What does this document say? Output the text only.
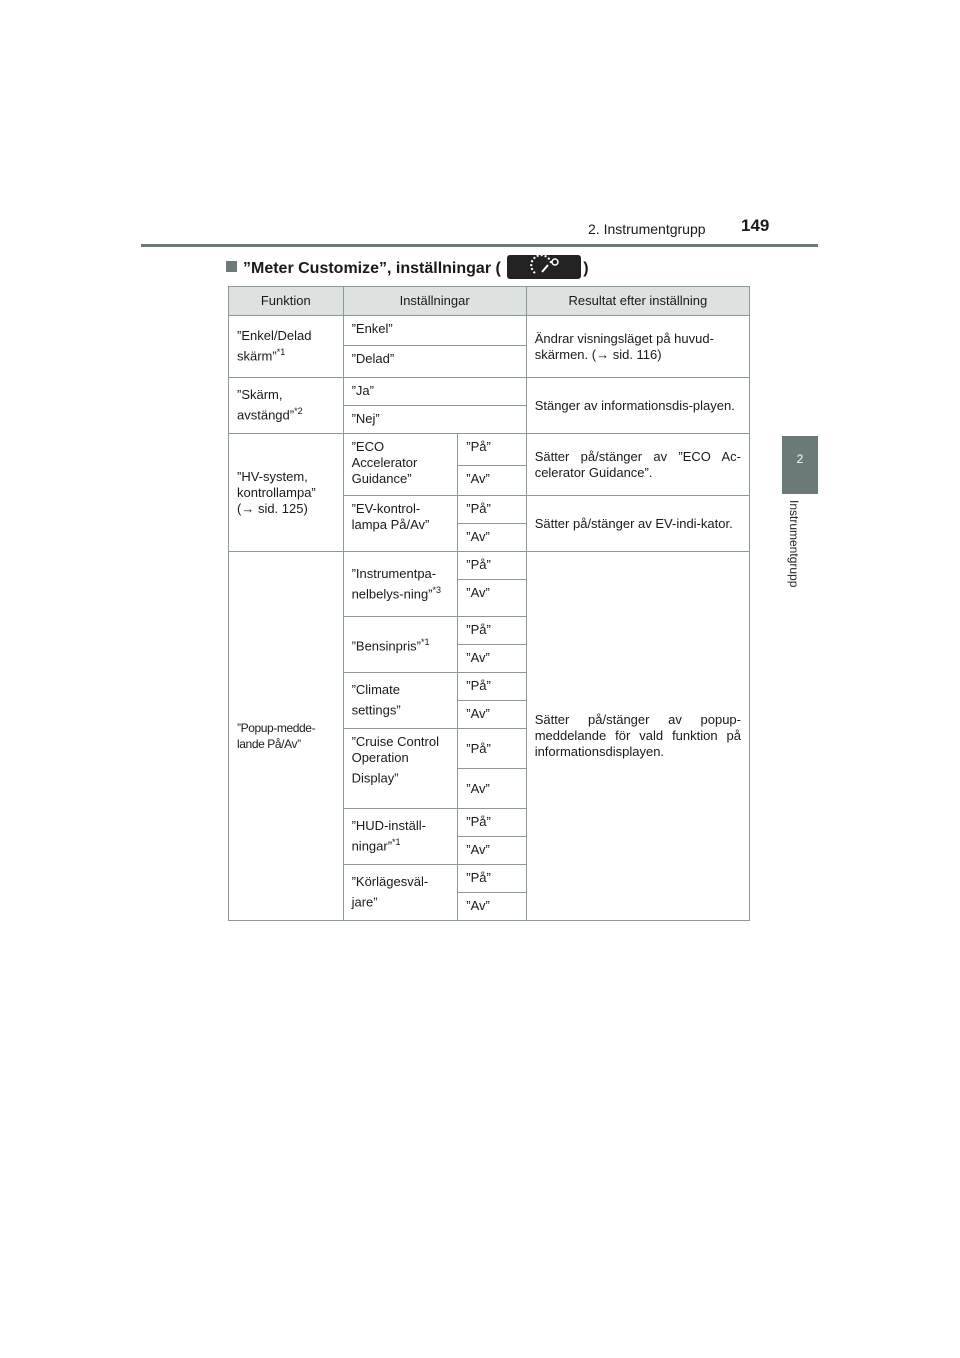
2. Instrumentgrupp 149
2
Instrumentgrupp
”Meter Customize”, inställningar (	)
Funktion	Inställningar		Resultat efter inställning

”Enkel/Delad skärm”$^{*1}$	”Enkel”		Ändrar visningsläget på huvud-skärmen. (→ sid. 116)

	”Delad”		

”Skärm, avstängd”$^{*2}$	”Ja”		Stänger av informationsdis-playen.

	”Nej”		

”HV-system, kontrollampa” (→ sid. 125)	”ECO Accelerator Guidance”	”På”	Sätter på/stänger av ”ECO Ac-celerator Guidance”.

		”Av”	

	”EV-kontrol-lampa På/Av”	”På”	Sätter på/stänger av EV-indi-kator.

		”Av”	

”Popup-medde-lande På/Av”	”Instrumentpa-nelbelys-ning”$^{*3}$	”På”	Sätter på/stänger av popup-meddelande för vald funktion på informationsdisplayen.

		”Av”	

	”Bensinpris”$^{*1}$	”På”	

		”Av”	

	”Climate settings”	”På”	

		”Av”	

	”Cruise Control Operation Display”	”På”	

		”Av”	

	”HUD-inställ-ningar”$^{*1}$	”På”	

		”Av”	

	”Körlägesväl-jare”	”På”	

		”Av”	
